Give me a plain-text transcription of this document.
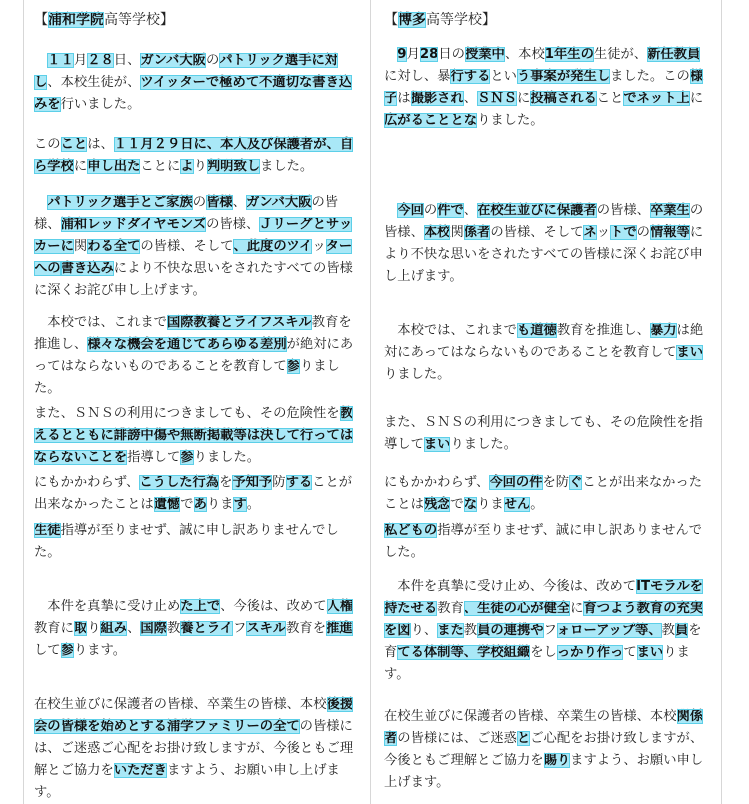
【浦和学院高等学校】

　１１月２８日、ガンバ大阪のパトリック選手に対し、本校生徒が、ツイッターで極めて不適切な書き込みを行いました。

このことは、１１月２９日に、本人及び保護者が、自ら学校に申し出たことにより判明致しました。

　パトリック選手とご家族の皆様、ガンバ大阪の皆様、浦和レッドダイヤモンズの皆様、Ｊリーグとサッカーに関わる全ての皆様、そして、此度のツイッターへの書き込みにより不快な思いをされたすべての皆様に深くお詫び申し上げます。

　本校では、これまで国際教養とライフスキル教育を推進し、様々な機会を通じてあらゆる差別が絶対にあってはならないものであることを教育して参りました。

また、ＳＮＳの利用につきましても、その危険性を教えるとともに誹謗中傷や無断掲載等は決して行ってはならないことを指導して参りました。

にもかかわらず、こうした行為を予知予防することが出来なかったことは遺憾であります。

生徒指導が至りませず、誠に申し訳ありませんでした。

　本件を真摯に受け止めた上で、今後は、改めて人権教育に取り組み、国際教養とライフスキル教育を推進して参ります。

在校生並びに保護者の皆様、卒業生の皆様、本校後援会の皆様を始めとする浦学ファミリーの全ての皆様には、ご迷惑ご心配をお掛け致しますが、今後ともご理解とご協力をいただきますよう、お願い申し上げます。

【博多高等学校】

　9月28日の授業中、本校1年生の生徒が、新任教員に対し、暴行するという事案が発生しました。この様子は撮影され、ＳＮＳに投稿されることでネット上に広がることとなりました。

　今回の件で、在校生並びに保護者の皆様、卒業生の皆様、本校関係者の皆様、そしてネットでの情報等により不快な思いをされたすべての皆様に深くお詫び申し上げます。

　本校では、これまでも道徳教育を推進し、暴力は絶対にあってはならないものであることを教育してまいりました。

また、ＳＮＳの利用につきましても、その危険性を指導してまいりました。

にもかかわらず、今回の件を防ぐことが出来なかったことは残念でなりません。

私どもの指導が至りませず、誠に申し訳ありませんでした。

　本件を真摯に受け止め、今後は、改めてITモラルを持たせる教育、生徒の心が健全に育つよう教育の充実を図り、また教員の連携やフォローアップ等、教員を育てる体制等、学校組織をしっかり作ってまいります。

在校生並びに保護者の皆様、卒業生の皆様、本校関係者の皆様には、ご迷惑とご心配をお掛け致しますが、今後ともご理解とご協力を賜りますよう、お願い申し上げます。
